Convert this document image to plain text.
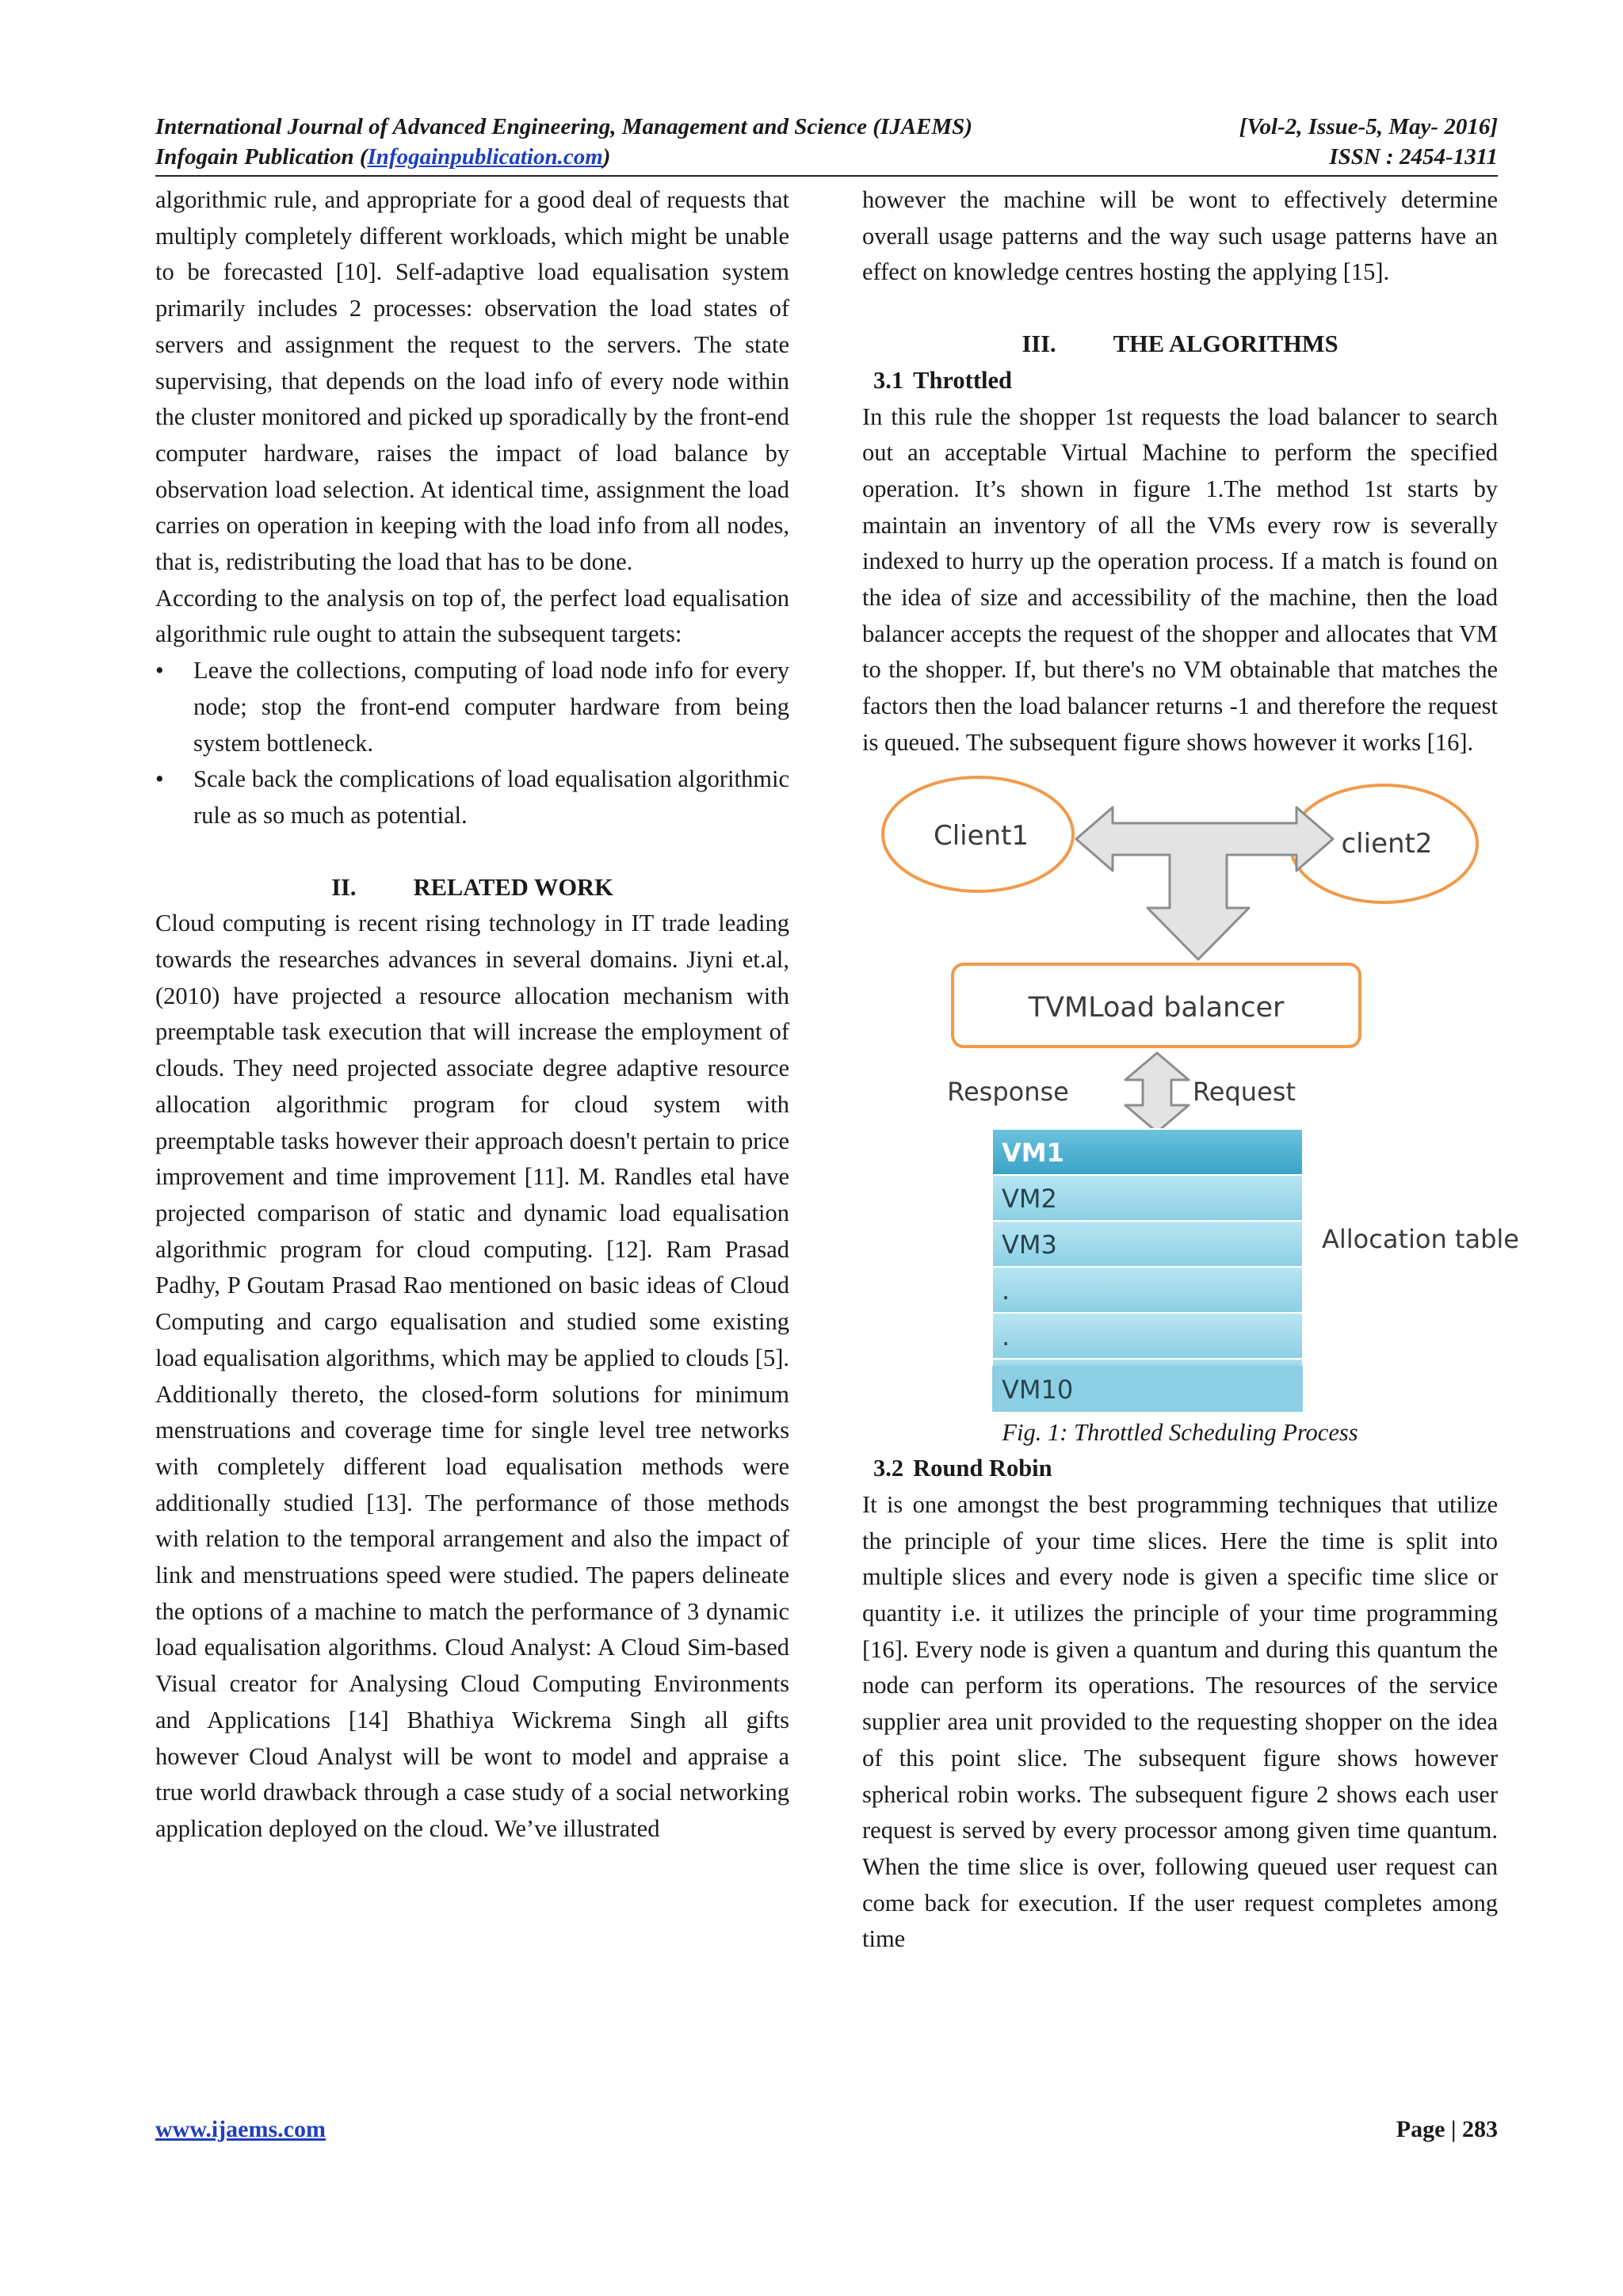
International Journal of Advanced Engineering, Management and Science (IJAEMS)	[Vol-2, Issue-5, May- 2016]
Infogain Publication (Infogainpublication.com)	ISSN : 2454-1311

algorithmic rule, and appropriate for a good deal of requests that multiply completely different workloads, which might be unable to be forecasted [10]. Self-adaptive load equalisation system primarily includes 2 processes: observation the load states of servers and assignment the request to the servers. The state supervising, that depends on the load info of every node within the cluster monitored and picked up sporadically by the front-end computer hardware, raises the impact of load balance by observation load selection. At identical time, assignment the load carries on operation in keeping with the load info from all nodes, that is, redistributing the load that has to be done.

According to the analysis on top of, the perfect load equalisation algorithmic rule ought to attain the subsequent targets:

• Leave the collections, computing of load node info for every node; stop the front-end computer hardware from being system bottleneck.
• Scale back the complications of load equalisation algorithmic rule as so much as potential.
II. RELATED WORK

Cloud computing is recent rising technology in IT trade leading towards the researches advances in several domains. Jiyni et.al, (2010) have projected a resource allocation mechanism with preemptable task execution that will increase the employment of clouds. They need projected associate degree adaptive resource allocation algorithmic program for cloud system with preemptable tasks however their approach doesn't pertain to price improvement and time improvement [11]. M. Randles etal have projected comparison of static and dynamic load equalisation algorithmic program for cloud computing. [12]. Ram Prasad Padhy, P Goutam Prasad Rao mentioned on basic ideas of Cloud Computing and cargo equalisation and studied some existing load equalisation algorithms, which may be applied to clouds [5]. Additionally thereto, the closed-form solutions for minimum menstruations and coverage time for single level tree networks with completely different load equalisation methods were additionally studied [13]. The performance of those methods with relation to the temporal arrangement and also the impact of link and menstruations speed were studied. The papers delineate the options of a machine to match the performance of 3 dynamic load equalisation algorithms. Cloud Analyst: A Cloud Sim-based Visual creator for Analysing Cloud Computing Environments and Applications [14] Bhathiya Wickrema Singh all gifts however Cloud Analyst will be wont to model and appraise a true world drawback through a case study of a social networking application deployed on the cloud. We’ve illustrated

however the machine will be wont to effectively determine overall usage patterns and the way such usage patterns have an effect on knowledge centres hosting the applying [15].

III. THE ALGORITHMS
3.1 Throttled

In this rule the shopper 1st requests the load balancer to search out an acceptable Virtual Machine to perform the specified operation. It’s shown in figure 1.The method 1st starts by maintain an inventory of all the VMs every row is severally indexed to hurry up the operation process. If a match is found on the idea of size and accessibility of the machine, then the load balancer accepts the request of the shopper and allocates that VM to the shopper. If, but there's no VM obtainable that matches the factors then the load balancer returns -1 and therefore the request is queued. The subsequent figure shows however it works [16].

Client1	client2
TVMLoad balancer
Response	Request
VM1
VM2
VM3
.
.
Allocation table
VM10
Fig. 1: Throttled Scheduling Process
3.2 Round Robin

It is one amongst the best programming techniques that utilize the principle of your time slices. Here the time is split into multiple slices and every node is given a specific time slice or quantity i.e. it utilizes the principle of your time programming [16]. Every node is given a quantum and during this quantum the node can perform its operations. The resources of the service supplier area unit provided to the requesting shopper on the idea of this point slice. The subsequent figure shows however spherical robin works. The subsequent figure 2 shows each user request is served by every processor among given time quantum. When the time slice is over, following queued user request can come back for execution. If the user request completes among time

www.ijaems.com	Page | 283
